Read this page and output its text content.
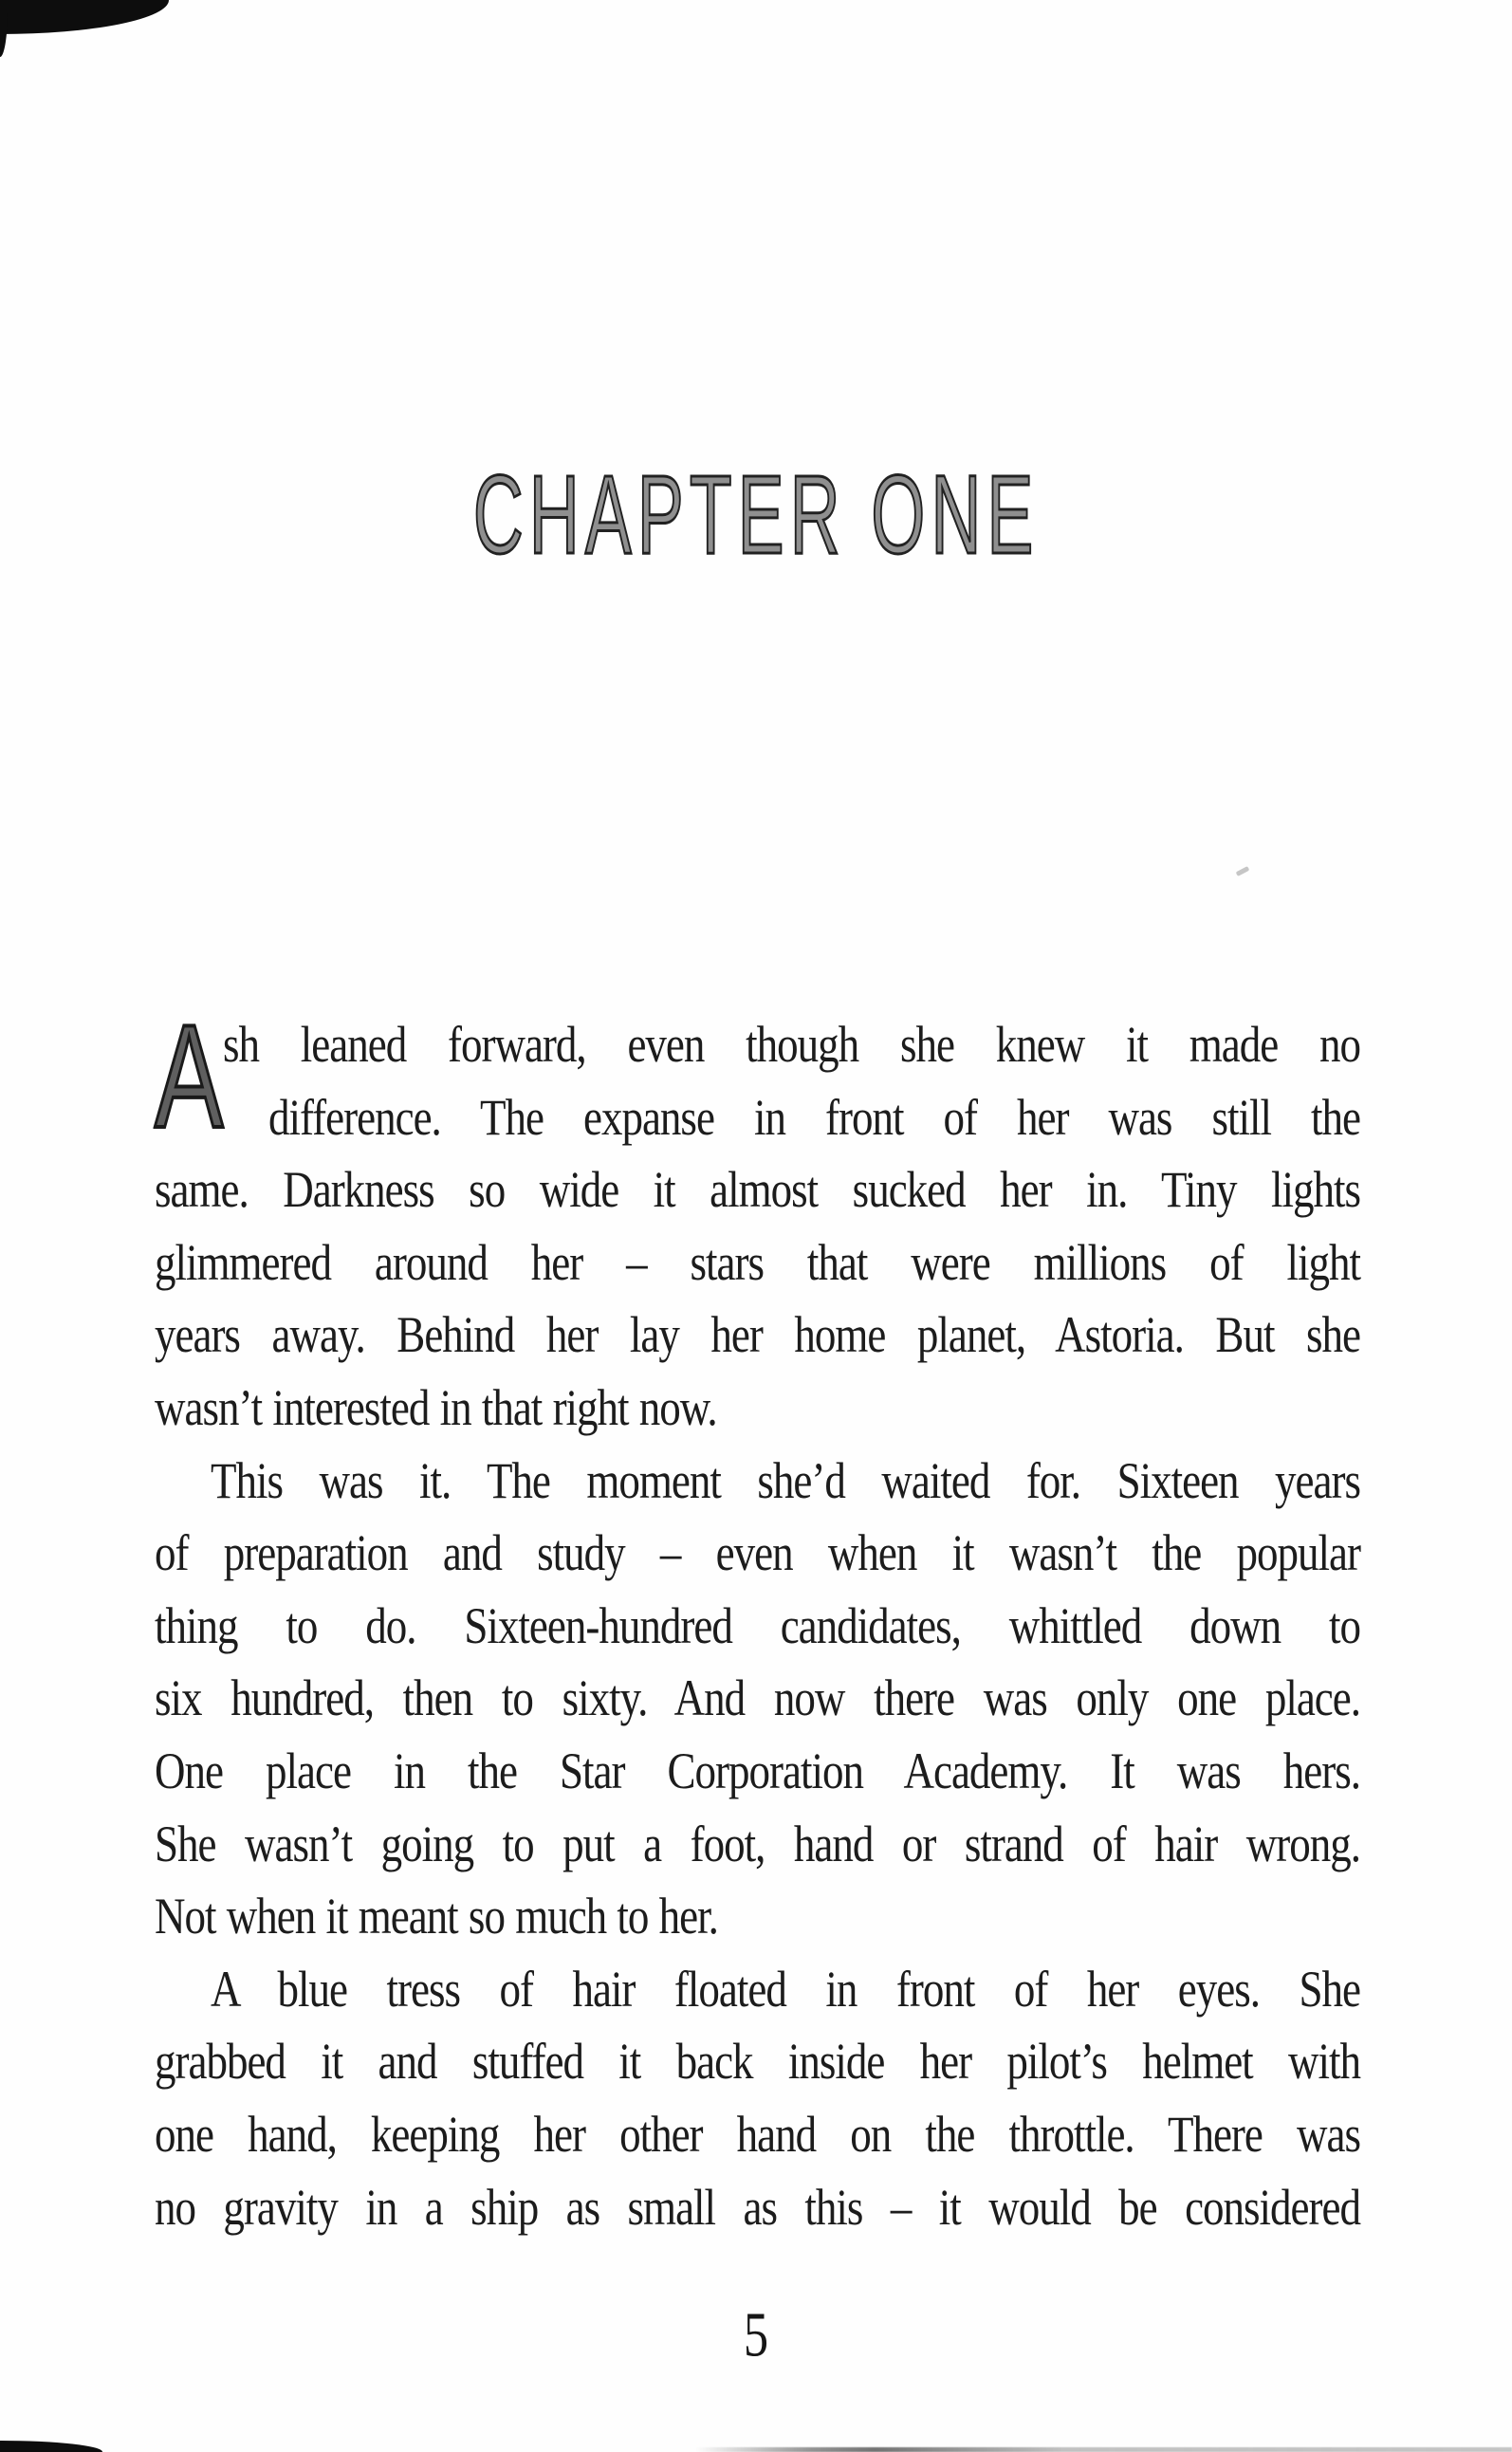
CHAPTER ONE
A sh leaned forward, even though she knew it made no
difference. The expanse in front of her was still the
same. Darkness so wide it almost sucked her in. Tiny lights
glimmered around her – stars that were millions of light
years away. Behind her lay her home planet, Astoria. But she
wasn’t interested in that right now.
This was it. The moment she’d waited for. Sixteen years
of preparation and study – even when it wasn’t the popular
thing to do. Sixteen-hundred candidates, whittled down to
six hundred, then to sixty. And now there was only one place.
One place in the Star Corporation Academy. It was hers.
She wasn’t going to put a foot, hand or strand of hair wrong.
Not when it meant so much to her.
A blue tress of hair floated in front of her eyes. She
grabbed it and stuffed it back inside her pilot’s helmet with
one hand, keeping her other hand on the throttle. There was
no gravity in a ship as small as this – it would be considered
5
